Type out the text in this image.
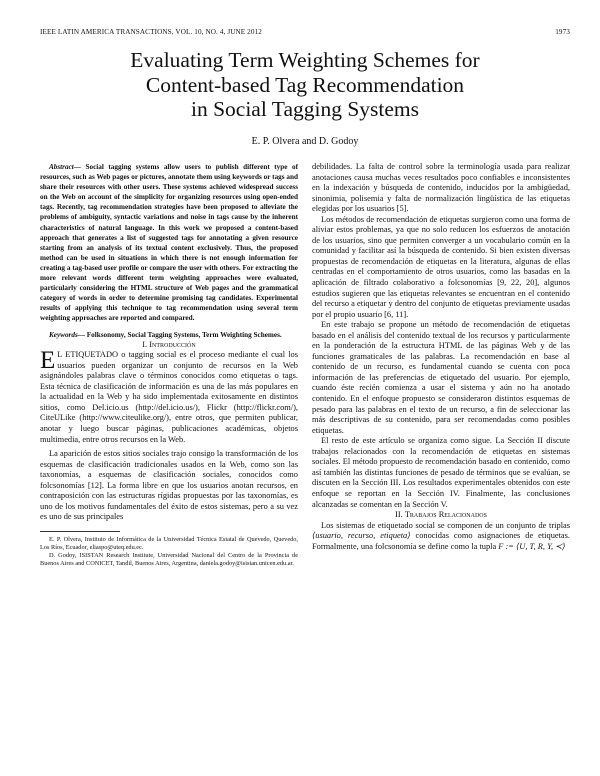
IEEE LATIN AMERICA TRANSACTIONS, VOL. 10, NO. 4, JUNE 2012	1973
Evaluating Term Weighting Schemes for
Content-based Tag Recommendation
in Social Tagging Systems
E. P. Olvera and D. Godoy

Abstract— Social tagging systems allow users to publish different type of resources, such as Web pages or pictures, annotate them using keywords or tags and share their resources with other users. These systems achieved widespread success on the Web on account of the simplicity for organizing resources using open-ended tags. Recently, tag recommendation strategies have been proposed to alleviate the problems of ambiguity, syntactic variations and noise in tags cause by the inherent characteristics of natural language. In this work we proposed a content-based approach that generates a list of suggested tags for annotating a given resource starting from an analysis of its textual content exclusively. Thus, the proposed method can be used in situations in which there is not enough information for creating a tag-based user profile or compare the user with others. For extracting the more relevant words different term weighting approaches were evaluated, particularly considering the HTML structure of Web pages and the grammatical category of words in order to determine promising tag candidates. Experimental results of applying this technique to tag recommendation using several term weighting approaches are reported and compared.

Keywords— Folksonomy, Social Tagging Systems, Term Weighting Schemes.

I. Introducción

E L ETIQUETADO o tagging social es el proceso mediante el cual los usuarios pueden organizar un conjunto de recursos en la Web asignándoles palabras clave o términos conocidos como etiquetas o tags. Esta técnica de clasificación de información es una de las más populares en la actualidad en la Web y ha sido implementada exitosamente en distintos sitios, como Del.icio.us (http://del.icio.us/), Flickr (http://flickr.com/), CiteULike (http://www.citeulike.org/), entre otros, que permiten publicar, anotar y luego buscar páginas, publicaciones académicas, objetos multimedia, entre otros recursos en la Web.

La aparición de estos sitios sociales trajo consigo la transformación de los esquemas de clasificación tradicionales usados en la Web, como son las taxonomías, a esquemas de clasificación sociales, conocidos como folcsonomías [12]. La forma libre en que los usuarios anotan recursos, en contraposición con las estructuras rígidas propuestas por las taxonomías, es uno de los motivos fundamentales del éxito de estos sistemas, pero a su vez es uno de sus principales

E. P. Olvera, Instituto de Informática de la Universidad Técnica Estatal de Quevedo, Quevedo, Los Ríos, Ecuador, eliaspo@uteq.edu.ec.

D. Godoy, ISISTAN Research Institute, Universidad Nacional del Centro de la Provincia de Buenos Aires and CONICET, Tandil, Buenos Aires, Argentina, daniela.godoy@isistan.unicen.edu.ar.

debilidades. La falta de control sobre la terminología usada para realizar anotaciones causa muchas veces resultados poco confiables e inconsistentes en la indexación y búsqueda de contenido, inducidos por la ambigüedad, sinonimia, polisemia y falta de normalización lingüística de las etiquetas elegidas por los usuarios [5].

Los métodos de recomendación de etiquetas surgieron como una forma de aliviar estos problemas, ya que no solo reducen los esfuerzos de anotación de los usuarios, sino que permiten converger a un vocabulario común en la comunidad y facilitar así la búsqueda de contenido. Si bien existen diversas propuestas de recomendación de etiquetas en la literatura, algunas de ellas centradas en el comportamiento de otros usuarios, como las basadas en la aplicación de filtrado colaborativo a folcsonomías [9, 22, 20], algunos estudios sugieren que las etiquetas relevantes se encuentran en el contenido del recurso a etiquetar y dentro del conjunto de etiquetas previamente usadas por el propio usuario [6, 11].

En este trabajo se propone un método de recomendación de etiquetas basado en el análisis del contenido textual de los recursos y particularmente en la ponderación de la estructura HTML de las páginas Web y de las funciones gramaticales de las palabras. La recomendación en base al contenido de un recurso, es fundamental cuando se cuenta con poca información de las preferencias de etiquetado del usuario. Por ejemplo, cuando éste recién comienza a usar el sistema y aún no ha anotado contenido. En el enfoque propuesto se consideraron distintos esquemas de pesado para las palabras en el texto de un recurso, a fin de seleccionar las más descriptivas de su contenido, para ser recomendadas como posibles etiquetas.

El resto de este artículo se organiza como sigue. La Sección II discute trabajos relacionados con la recomendación de etiquetas en sistemas sociales. El método propuesto de recomendación basado en contenido, como así también las distintas funciones de pesado de términos que se evalúan, se discuten en la Sección III. Los resultados experimentales obtenidos con este enfoque se reportan en la Sección IV. Finalmente, las conclusiones alcanzadas se comentan en la Sección V.

II. Trabajos Relacionados

Los sistemas de etiquetado social se componen de un conjunto de triplas ⟨usuario, recurso, etiqueta⟩ conocidas como asignaciones de etiquetas. Formalmente, una folcsonomía se define como la tupla F := ⟨U, T, R, Y, ≺⟩
